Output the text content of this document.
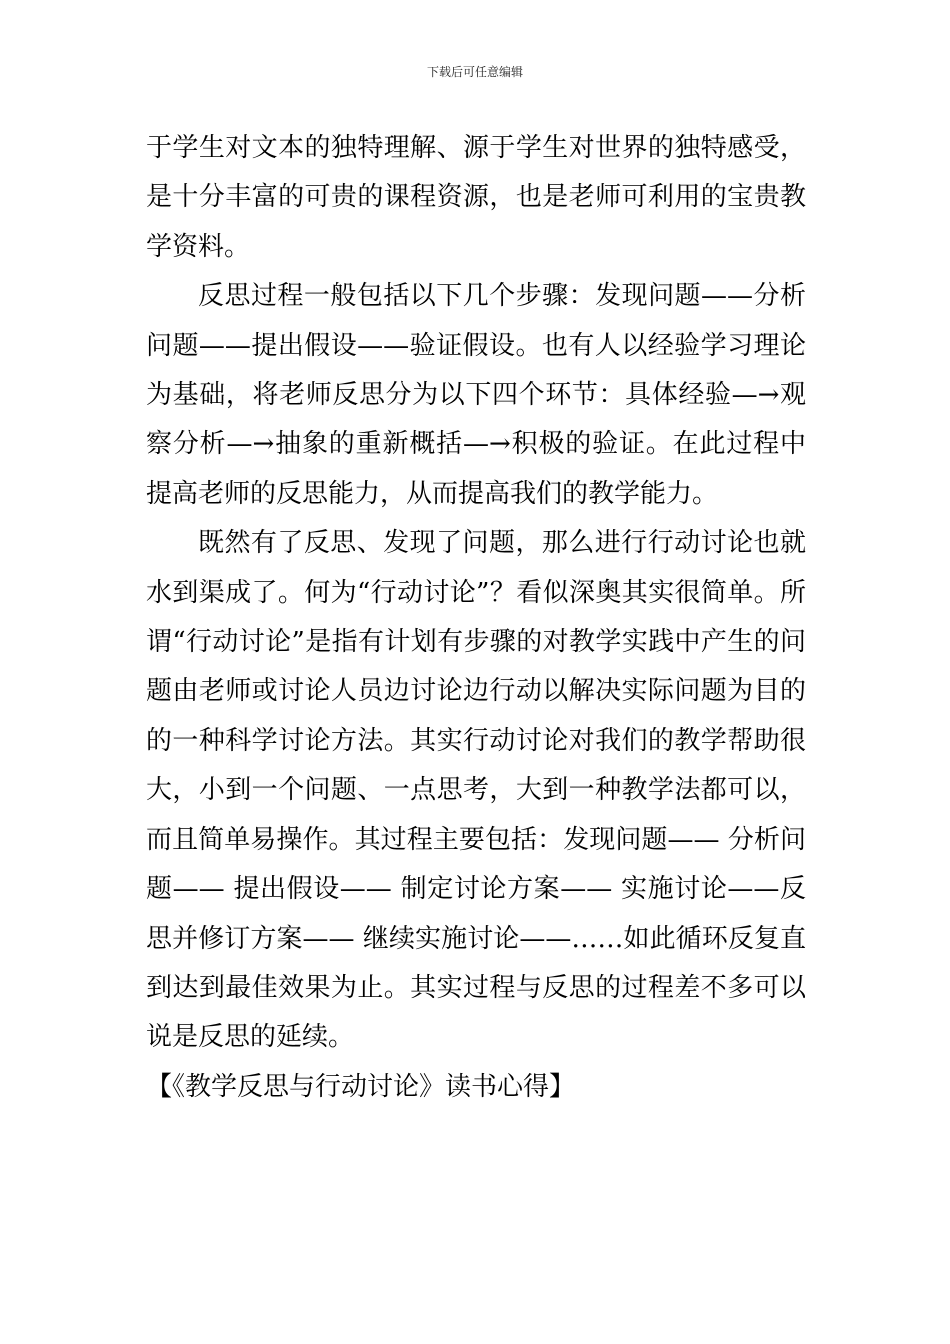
下载后可任意编辑

于学生对文本的独特理解、源于学生对世界的独特感受，是十分丰富的可贵的课程资源，也是老师可利用的宝贵教学资料。

反思过程一般包括以下几个步骤：发现问题——分析问题——提出假设——验证假设。也有人以经验学习理论为基础，将老师反思分为以下四个环节：具体经验—→观察分析—→抽象的重新概括—→积极的验证。在此过程中提高老师的反思能力，从而提高我们的教学能力。

既然有了反思、发现了问题，那么进行行动讨论也就水到渠成了。何为“行动讨论”？看似深奥其实很简单。所谓“行动讨论”是指有计划有步骤的对教学实践中产生的问题由老师或讨论人员边讨论边行动以解决实际问题为目的的一种科学讨论方法。其实行动讨论对我们的教学帮助很大，小到一个问题、一点思考，大到一种教学法都可以，而且简单易操作。其过程主要包括：发现问题—— 分析问题—— 提出假设—— 制定讨论方案—— 实施讨论——反思并修订方案—— 继续实施讨论——……如此循环反复直到达到最佳效果为止。其实过程与反思的过程差不多可以说是反思的延续。

【《教学反思与行动讨论》读书心得】
